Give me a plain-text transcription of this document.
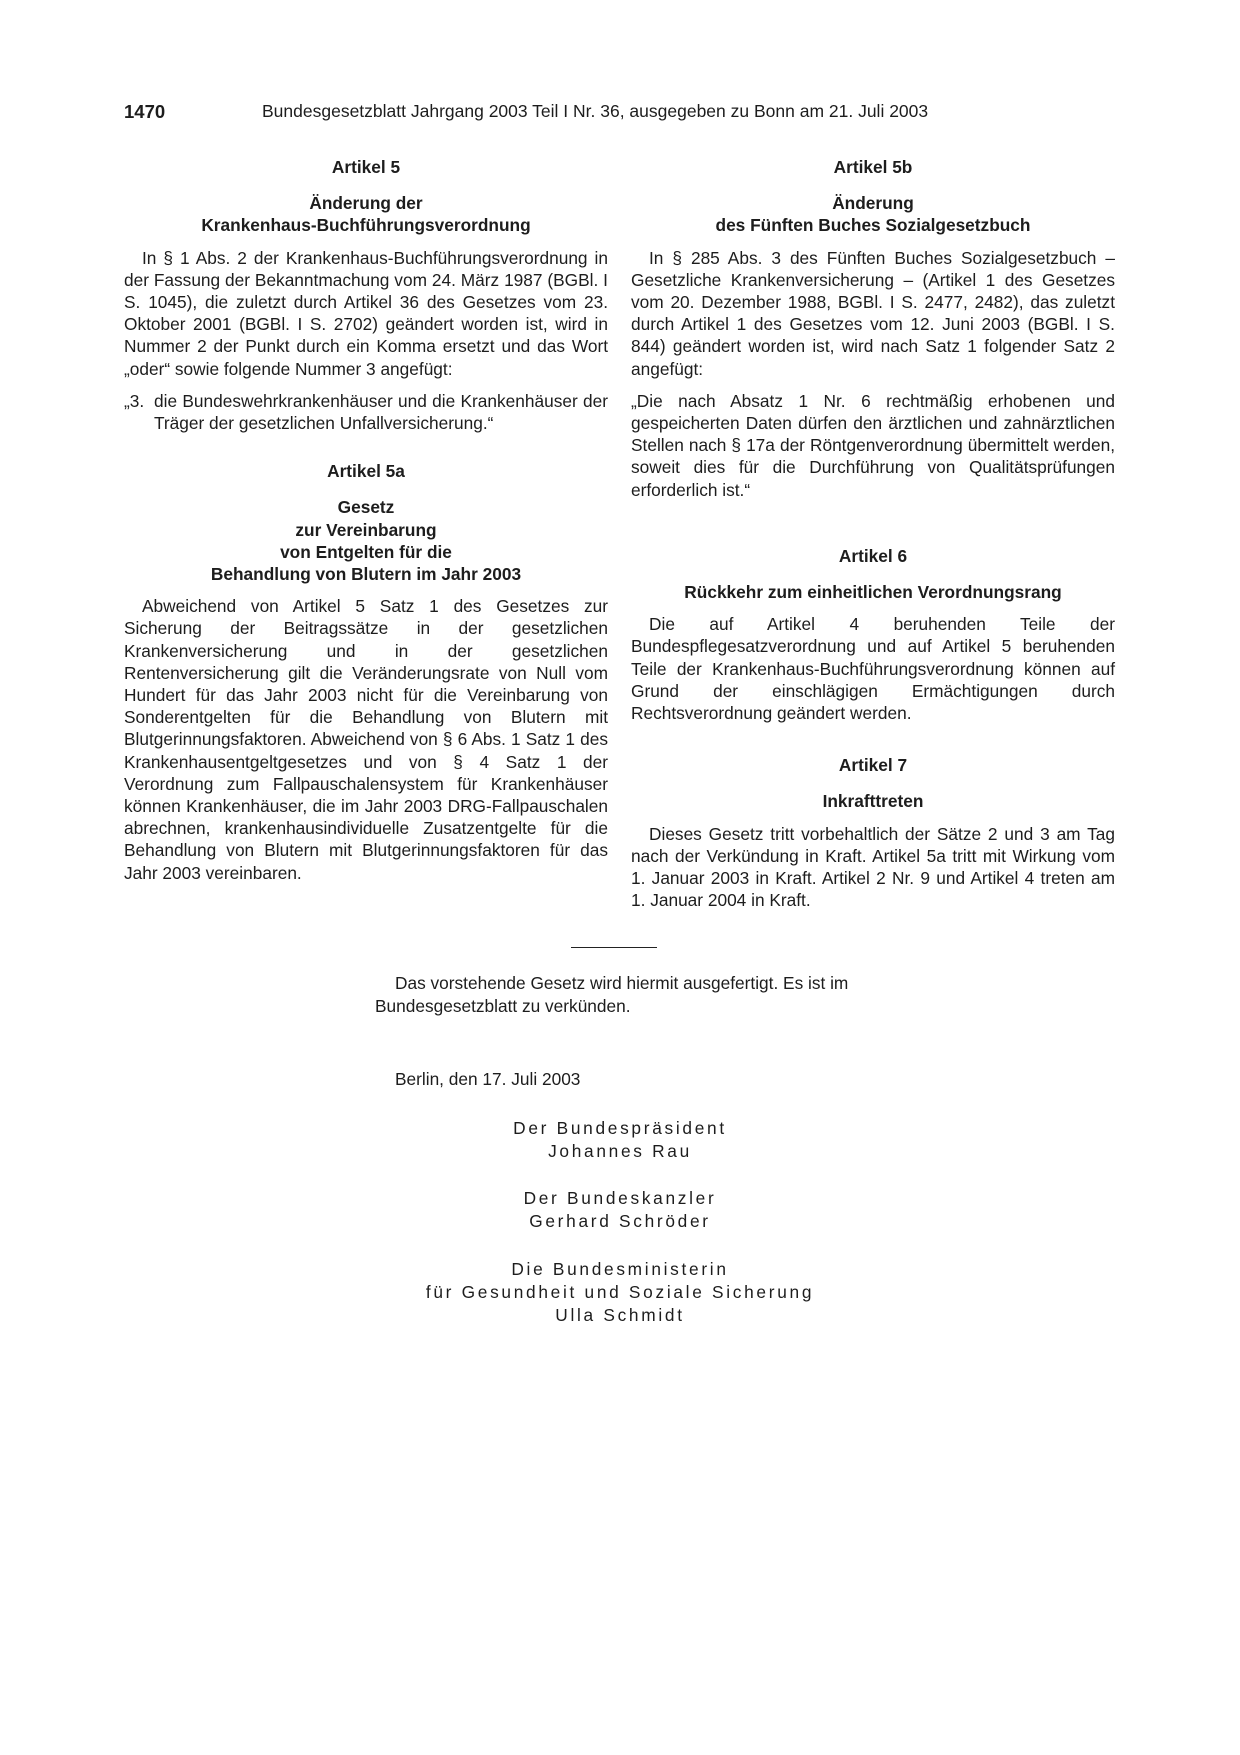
1470	Bundesgesetzblatt Jahrgang 2003 Teil I Nr. 36, ausgegeben zu Bonn am 21. Juli 2003
Artikel 5
Änderung der
Krankenhaus-Buchführungsverordnung

In § 1 Abs. 2 der Krankenhaus-Buchführungsverordnung in der Fassung der Bekanntmachung vom 24. März 1987 (BGBl. I S. 1045), die zuletzt durch Artikel 36 des Gesetzes vom 23. Oktober 2001 (BGBl. I S. 2702) geändert worden ist, wird in Nummer 2 der Punkt durch ein Komma ersetzt und das Wort „oder“ sowie folgende Nummer 3 angefügt:

„3. die Bundeswehrkrankenhäuser und die Krankenhäuser der Träger der gesetzlichen Unfallversicherung.“
Artikel 5a
Gesetz
zur Vereinbarung
von Entgelten für die
Behandlung von Blutern im Jahr 2003

Abweichend von Artikel 5 Satz 1 des Gesetzes zur Sicherung der Beitragssätze in der gesetzlichen Krankenversicherung und in der gesetzlichen Rentenversicherung gilt die Veränderungsrate von Null vom Hundert für das Jahr 2003 nicht für die Vereinbarung von Sonderentgelten für die Behandlung von Blutern mit Blutgerinnungsfaktoren. Abweichend von § 6 Abs. 1 Satz 1 des Krankenhausentgeltgesetzes und von § 4 Satz 1 der Verordnung zum Fallpauschalensystem für Krankenhäuser können Krankenhäuser, die im Jahr 2003 DRG-Fallpauschalen abrechnen, krankenhausindividuelle Zusatzentgelte für die Behandlung von Blutern mit Blutgerinnungsfaktoren für das Jahr 2003 vereinbaren.

Artikel 5b
Änderung
des Fünften Buches Sozialgesetzbuch

In § 285 Abs. 3 des Fünften Buches Sozialgesetzbuch – Gesetzliche Krankenversicherung – (Artikel 1 des Gesetzes vom 20. Dezember 1988, BGBl. I S. 2477, 2482), das zuletzt durch Artikel 1 des Gesetzes vom 12. Juni 2003 (BGBl. I S. 844) geändert worden ist, wird nach Satz 1 folgender Satz 2 angefügt:

„Die nach Absatz 1 Nr. 6 rechtmäßig erhobenen und gespeicherten Daten dürfen den ärztlichen und zahnärztlichen Stellen nach § 17a der Röntgenverordnung übermittelt werden, soweit dies für die Durchführung von Qualitätsprüfungen erforderlich ist.“

Artikel 6
Rückkehr zum einheitlichen Verordnungsrang

Die auf Artikel 4 beruhenden Teile der Bundespflegesatzverordnung und auf Artikel 5 beruhenden Teile der Krankenhaus-Buchführungsverordnung können auf Grund der einschlägigen Ermächtigungen durch Rechtsverordnung geändert werden.

Artikel 7
Inkrafttreten

Dieses Gesetz tritt vorbehaltlich der Sätze 2 und 3 am Tag nach der Verkündung in Kraft. Artikel 5a tritt mit Wirkung vom 1. Januar 2003 in Kraft. Artikel 2 Nr. 9 und Artikel 4 treten am 1. Januar 2004 in Kraft.

Das vorstehende Gesetz wird hiermit ausgefertigt. Es ist im Bundesgesetzblatt zu verkünden.

Berlin, den 17. Juli 2003
Der Bundespräsident
Johannes Rau
Der Bundeskanzler
Gerhard Schröder
Die Bundesministerin
für Gesundheit und Soziale Sicherung
Ulla Schmidt
